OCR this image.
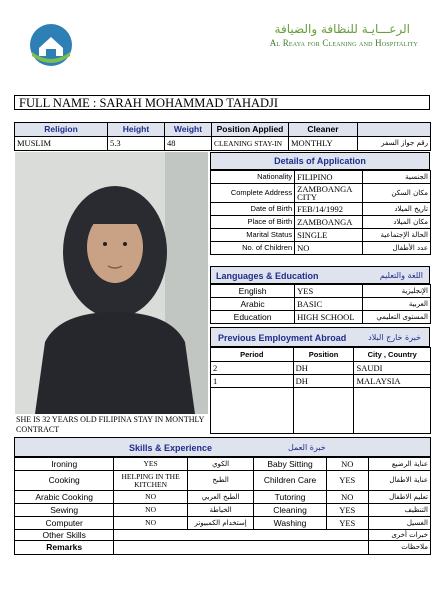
الرعـــايـة للنظافة والضيافة
Al Reaya for Cleaning and Hospitality
FULL NAME : SARAH MOHAMMAD TAHADJI
Religion	Height	Weight	Position Applied	Cleaner	
MUSLIM	5.3	48	CLEANING STAY-IN	MONTHLY	رقم جواز السفر
SHE IS 32 YEARS OLD FILIPINA STAY IN MONTHLY CONTRACT
Details of Application
Nationality	FILIPINO	الجنسية
Complete Address	ZAMBOANGA CITY	مكان السكن
Date of Birth	FEB/14/1992	تاريخ الميلاد
Place of Birth	ZAMBOANGA	مكان الميلاد
Marital Status	SINGLE	الحالة الإجتماعية
No. of Children	NO	عدد الأطفال
Languages & Education	اللغة والتعليم
English	YES	الإنجليزية
Arabic	BASIC	العربية
Education	HIGH SCHOOL	المستوى التعليمي
Previous Employment Abroad	خبرة خارج البلاد
Period	Position	City , Country
2	DH	SAUDI
1	DH	MALAYSIA

Skills & Experience	خبرة العمل
Ironing	YES	الكوي	Baby Sitting	NO	عناية الرضيع
Cooking	HELPING IN THE KITCHEN	الطبخ	Children Care	YES	عناية الاطفال
Arabic Cooking	NO	الطبخ العربي	Tutoring	NO	تعليم الاطفال
Sewing	NO	الخياطة	Cleaning	YES	التنظيف
Computer	NO	إستخدام الكمبيوتر	Washing	YES	الغسيل
Other Skills					خبرات أخرى
Remarks					ملاحظات
